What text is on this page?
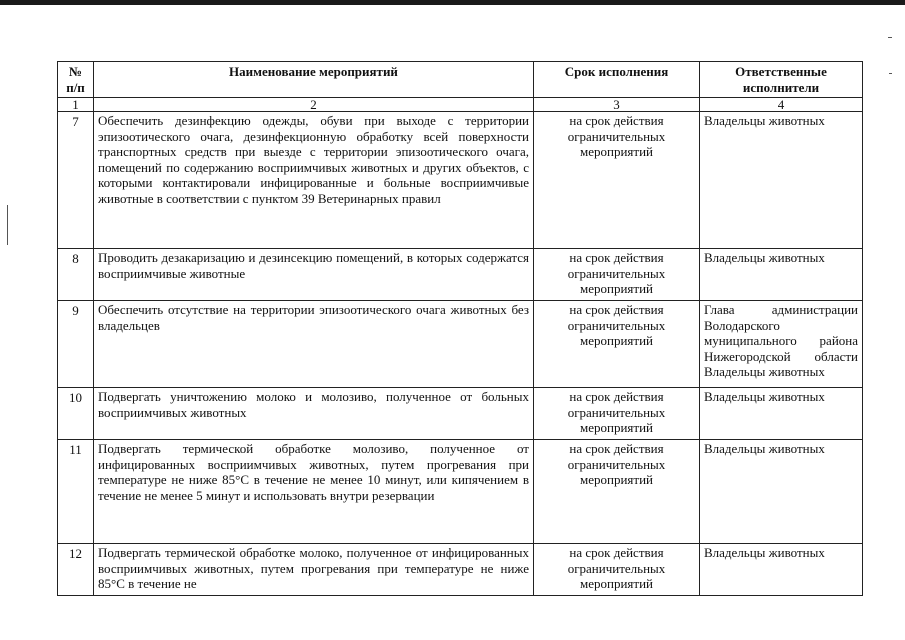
№ п/п	Наименование мероприятий	Срок исполнения	Ответственные исполнители
1	2	3	4
7	Обеспечить дезинфекцию одежды, обуви при выходе с территории эпизоотического очага, дезинфекционную обработку всей поверхности транспортных средств при выезде с территории эпизоотического очага, помещений по содержанию восприимчивых животных и других объектов, с которыми контактировали инфицированные и больные восприимчивые животные в соответствии с пунктом 39 Ветеринарных правил	на срок действия ограничительных мероприятий	Владельцы животных
8	Проводить дезакаризацию и дезинсекцию помещений, в которых содержатся восприимчивые животные	на срок действия ограничительных мероприятий	Владельцы животных
9	Обеспечить отсутствие на территории эпизоотического очага животных без владельцев	на срок действия ограничительных мероприятий	Глава администрации Володарского муниципального района Нижегородской области Владельцы животных
10	Подвергать уничтожению молоко и молозиво, полученное от больных восприимчивых животных	на срок действия ограничительных мероприятий	Владельцы животных
11	Подвергать термической обработке молозиво, полученное от инфицированных восприимчивых животных, путем прогревания при температуре не ниже 85°С в течение не менее 10 минут, или кипячением в течение не менее 5 минут и использовать внутри резервации	на срок действия ограничительных мероприятий	Владельцы животных
12	Подвергать термической обработке молоко, полученное от инфицированных восприимчивых животных, путем прогревания при температуре не ниже 85°С в течение не	на срок действия ограничительных мероприятий	Владельцы животных
